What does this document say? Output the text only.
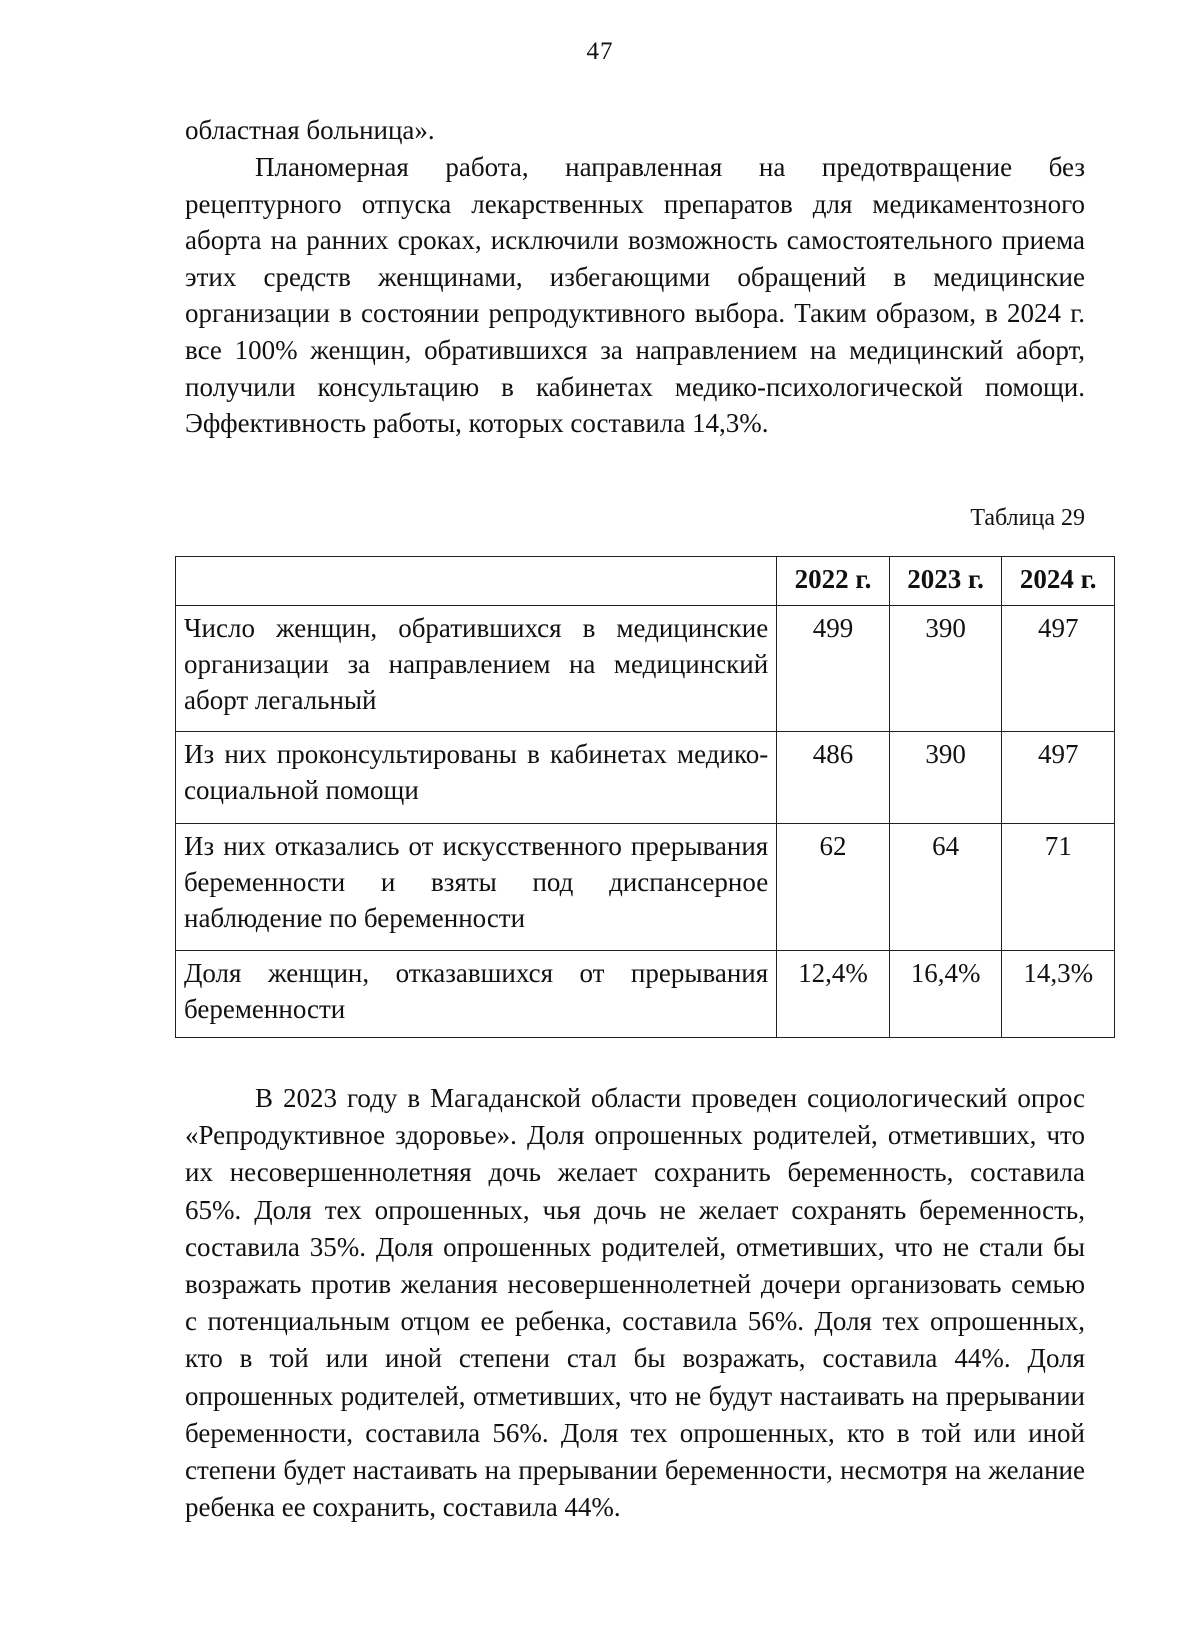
47

областная больница».

Планомерная работа, направленная на предотвращение без рецептурного отпуска лекарственных препаратов для медикаментозного аборта на ранних сроках, исключили возможность самостоятельного приема этих средств женщинами, избегающими обращений в медицинские организации в состоянии репродуктивного выбора. Таким образом, в 2024 г. все 100% женщин, обратившихся за направлением на медицинский аборт, получили консультацию в кабинетах медико-психологической помощи. Эффективность работы, которых составила 14,3%.

Таблица 29
	2022 г.	2023 г.	2024 г.
Число женщин, обратившихся в медицинские организации за направлением на медицинский аборт легальный	499	390	497
Из них проконсультированы в кабинетах медико-социальной помощи	486	390	497
Из них отказались от искусственного прерывания беременности и взяты под диспансерное наблюдение по беременности	62	64	71
Доля женщин, отказавшихся от прерывания беременности	12,4%	16,4%	14,3%

В 2023 году в Магаданской области проведен социологический опрос «Репродуктивное здоровье». Доля опрошенных родителей, отметивших, что их несовершеннолетняя дочь желает сохранить беременность, составила 65%. Доля тех опрошенных, чья дочь не желает сохранять беременность, составила 35%. Доля опрошенных родителей, отметивших, что не стали бы возражать против желания несовершеннолетней дочери организовать семью с потенциальным отцом ее ребенка, составила 56%. Доля тех опрошенных, кто в той или иной степени стал бы возражать, составила 44%. Доля опрошенных родителей, отметивших, что не будут настаивать на прерывании беременности, составила 56%. Доля тех опрошенных, кто в той или иной степени будет настаивать на прерывании беременности, несмотря на желание ребенка ее сохранить, составила 44%.
